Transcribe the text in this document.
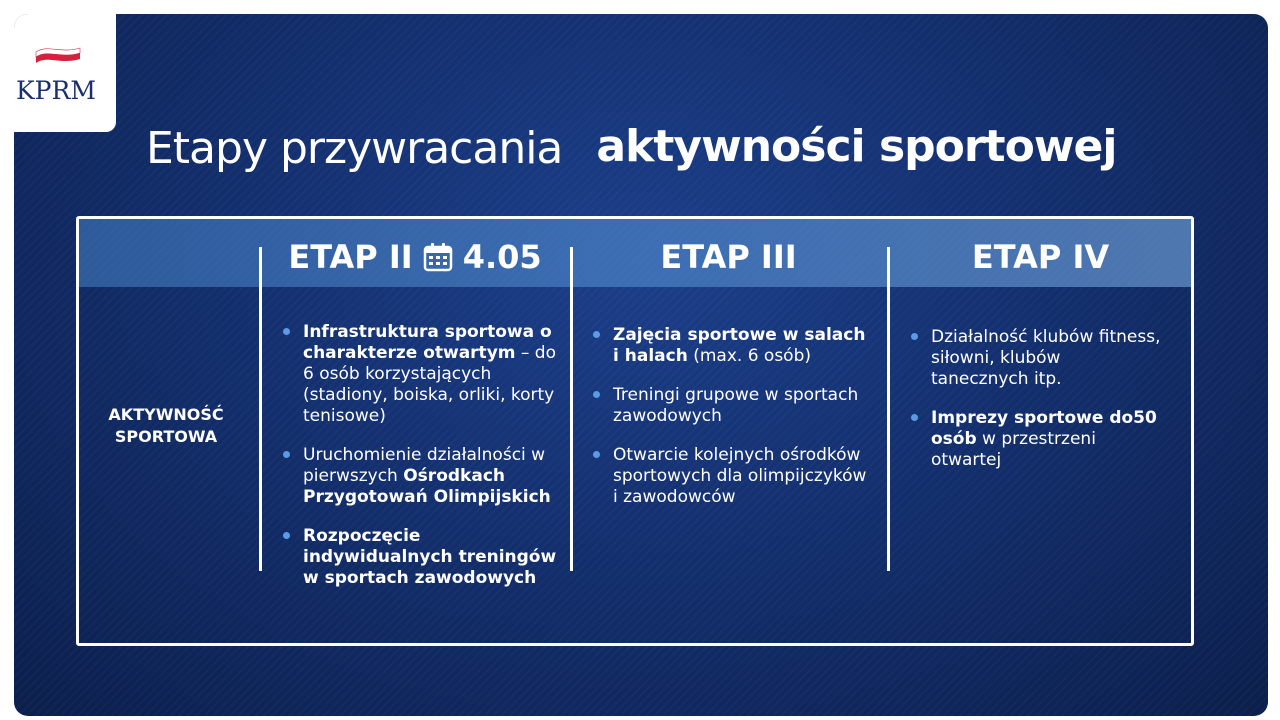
KPRM
Etapy przywracania aktywności sportowej
ETAP II 4.05	ETAP III	ETAP IV
AKTYWNOŚĆ SPORTOWA
Infrastruktura sportowa o charakterze otwartym – do 6 osób korzystających (stadiony, boiska, orliki, korty tenisowe)
Uruchomienie działalności w pierwszych Ośrodkach Przygotowań Olimpijskich
Rozpoczęcie indywidualnych treningów w sportach zawodowych
Zajęcia sportowe w salach i halach (max. 6 osób)
Treningi grupowe w sportach zawodowych
Otwarcie kolejnych ośrodków sportowych dla olimpijczyków i zawodowców
Działalność klubów fitness, siłowni, klubów tanecznych itp.
Imprezy sportowe do50 osób w przestrzeni otwartej
